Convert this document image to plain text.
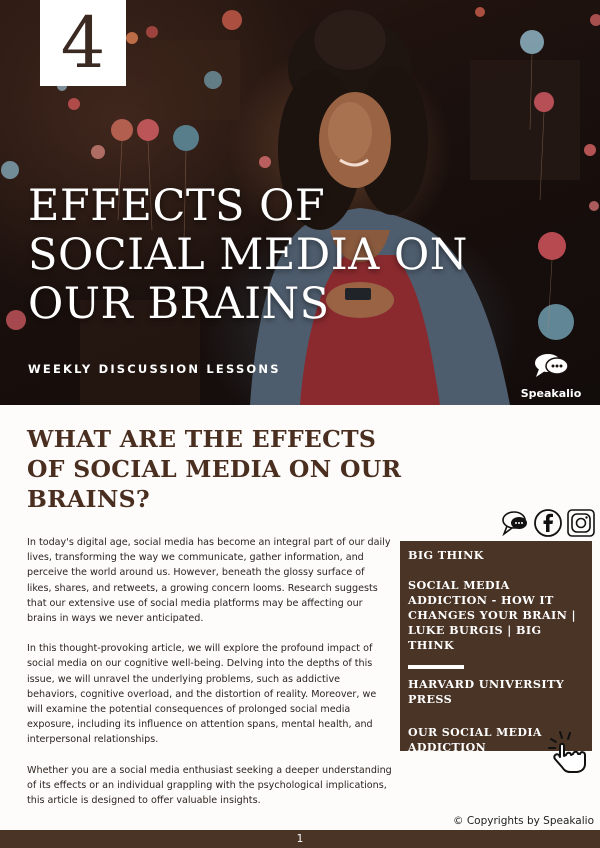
4
EFFECTS OF SOCIAL MEDIA ON OUR BRAINS
WEEKLY DISCUSSION LESSONS
Speakalio
WHAT ARE THE EFFECTS OF SOCIAL MEDIA ON OUR BRAINS?

In today's digital age, social media has become an integral part of our daily lives, transforming the way we communicate, gather information, and perceive the world around us. However, beneath the glossy surface of likes, shares, and retweets, a growing concern looms. Research suggests that our extensive use of social media platforms may be affecting our brains in ways we never anticipated.

In this thought-provoking article, we will explore the profound impact of social media on our cognitive well-being. Delving into the depths of this issue, we will unravel the underlying problems, such as addictive behaviors, cognitive overload, and the distortion of reality. Moreover, we will examine the potential consequences of prolonged social media exposure, including its influence on attention spans, mental health, and interpersonal relationships.

Whether you are a social media enthusiast seeking a deeper understanding of its effects or an individual grappling with the psychological implications, this article is designed to offer valuable insights.

BIG THINK
SOCIAL MEDIA ADDICTION - HOW IT CHANGES YOUR BRAIN | LUKE BURGIS | BIG THINK
HARVARD UNIVERSITY PRESS
OUR SOCIAL MEDIA ADDICTION
© Copyrights by Speakalio
1
